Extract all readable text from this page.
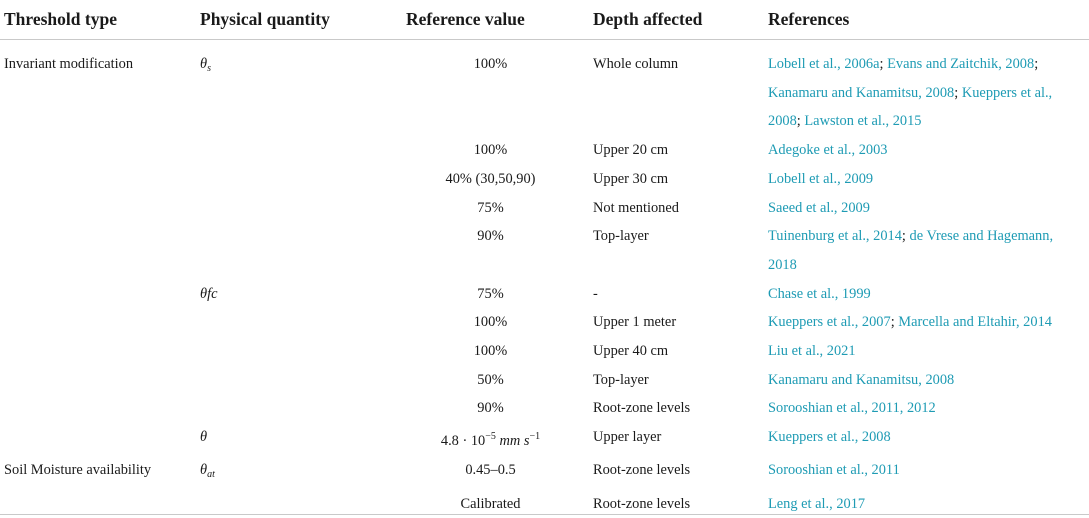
Threshold type	Physical quantity	Reference value	Depth affected	References
Invariant modification	$\theta_s$	100%	Whole column	Lobell et al., 2006a; Evans and Zaitchik, 2008; Kanamaru and Kanamitsu, 2008; Kueppers et al., 2008; Lawston et al., 2015
		100%	Upper 20 cm	Adegoke et al., 2003
		40% (30,50,90)	Upper 30 cm	Lobell et al., 2009
		75%	Not mentioned	Saeed et al., 2009
		90%	Top-layer	Tuinenburg et al., 2014; de Vrese and Hagemann, 2018
	θfc	75%	-	Chase et al., 1999
		100%	Upper 1 meter	Kueppers et al., 2007; Marcella and Eltahir, 2014
		100%	Upper 40 cm	Liu et al., 2021
		50%	Top-layer	Kanamaru and Kanamitsu, 2008
		90%	Root-zone levels	Sorooshian et al., 2011, 2012
	θ	$4.8 \cdot 10^{-5}$ mm $s^{-1}$	Upper layer	Kueppers et al., 2008
Soil Moisture availability	$\theta_{at}$	0.45–0.5	Root-zone levels	Sorooshian et al., 2011
		Calibrated	Root-zone levels	Leng et al., 2017
